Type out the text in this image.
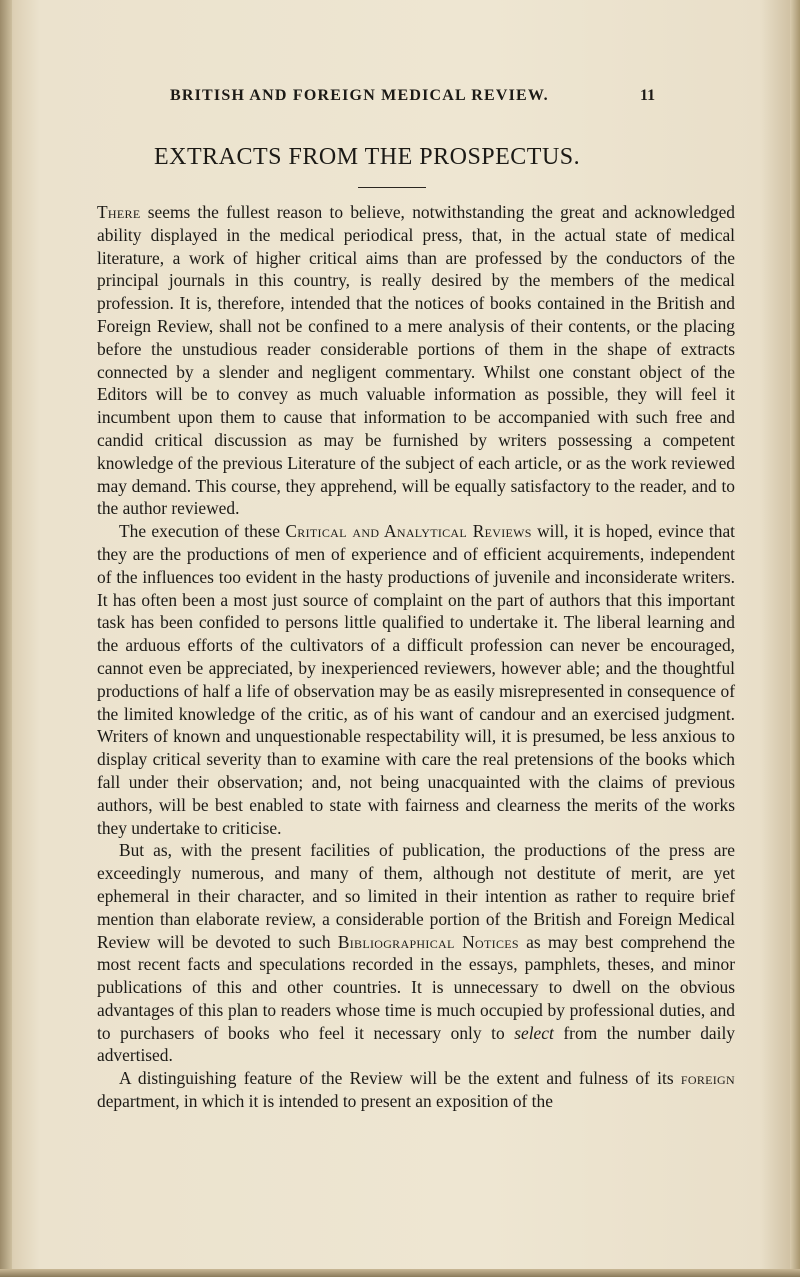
BRITISH AND FOREIGN MEDICAL REVIEW.	11
EXTRACTS FROM THE PROSPECTUS.

There seems the fullest reason to believe, notwithstanding the great and acknowledged ability displayed in the medical periodical press, that, in the actual state of medical literature, a work of higher critical aims than are professed by the conductors of the principal journals in this country, is really desired by the members of the medical profession. It is, therefore, intended that the notices of books contained in the British and Foreign Review, shall not be confined to a mere analysis of their contents, or the placing before the unstudious reader considerable portions of them in the shape of extracts connected by a slender and negligent commentary. Whilst one constant object of the Editors will be to convey as much valuable information as possible, they will feel it incumbent upon them to cause that information to be accompanied with such free and candid critical discussion as may be furnished by writers possessing a competent knowledge of the previous Literature of the subject of each article, or as the work reviewed may demand. This course, they apprehend, will be equally satisfactory to the reader, and to the author reviewed.

The execution of these Critical and Analytical Reviews will, it is hoped, evince that they are the productions of men of experience and of efficient acquirements, independent of the influences too evident in the hasty productions of juvenile and inconsiderate writers. It has often been a most just source of complaint on the part of authors that this important task has been confided to persons little qualified to undertake it. The liberal learning and the arduous efforts of the cultivators of a difficult profession can never be encouraged, cannot even be appreciated, by inexperienced reviewers, however able; and the thoughtful productions of half a life of observation may be as easily misrepresented in consequence of the limited knowledge of the critic, as of his want of candour and an exercised judgment. Writers of known and unquestionable respectability will, it is presumed, be less anxious to display critical severity than to examine with care the real pretensions of the books which fall under their observation; and, not being unacquainted with the claims of previous authors, will be best enabled to state with fairness and clearness the merits of the works they undertake to criticise.

But as, with the present facilities of publication, the productions of the press are exceedingly numerous, and many of them, although not destitute of merit, are yet ephemeral in their character, and so limited in their intention as rather to require brief mention than elaborate review, a considerable portion of the British and Foreign Medical Review will be devoted to such Bibliographical Notices as may best comprehend the most recent facts and speculations recorded in the essays, pamphlets, theses, and minor publications of this and other countries. It is unnecessary to dwell on the obvious advantages of this plan to readers whose time is much occupied by professional duties, and to purchasers of books who feel it necessary only to select from the number daily advertised.

A distinguishing feature of the Review will be the extent and fulness of its foreign department, in which it is intended to present an exposition of the
